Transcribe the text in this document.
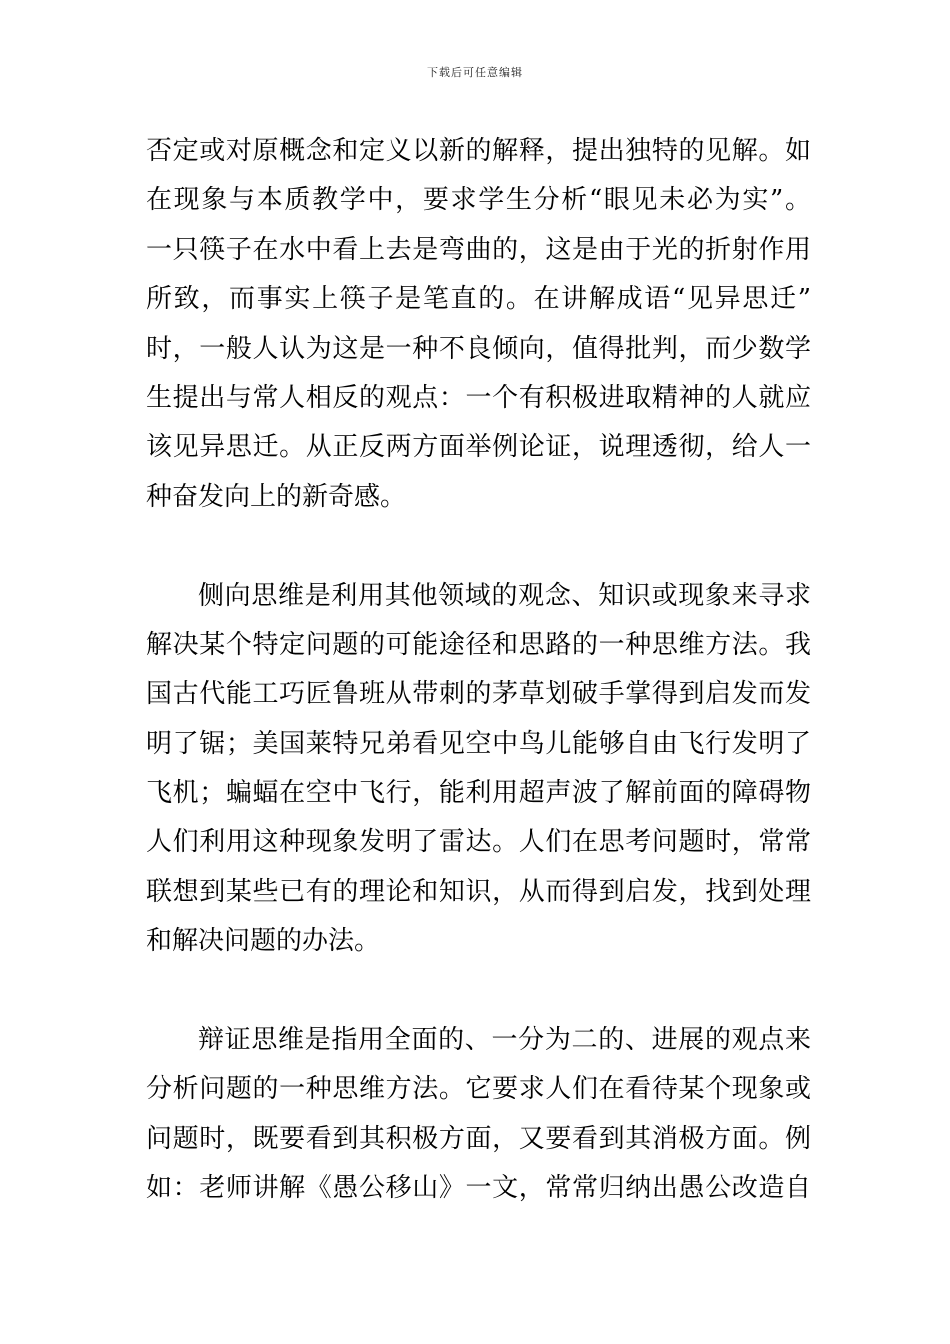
下载后可任意编辑
否定或对原概念和定义以新的解释，提出独特的见解。如
在现象与本质教学中，要求学生分析“眼见未必为实”。
一只筷子在水中看上去是弯曲的，这是由于光的折射作用
所致，而事实上筷子是笔直的。在讲解成语“见异思迁”
时，一般人认为这是一种不良倾向，值得批判，而少数学
生提出与常人相反的观点：一个有积极进取精神的人就应
该见异思迁。从正反两方面举例论证，说理透彻，给人一
种奋发向上的新奇感。
侧向思维是利用其他领域的观念、知识或现象来寻求
解决某个特定问题的可能途径和思路的一种思维方法。我
国古代能工巧匠鲁班从带刺的茅草划破手掌得到启发而发
明了锯；美国莱特兄弟看见空中鸟儿能够自由飞行发明了
飞机；蝙蝠在空中飞行，能利用超声波了解前面的障碍物
人们利用这种现象发明了雷达。人们在思考问题时，常常
联想到某些已有的理论和知识，从而得到启发，找到处理
和解决问题的办法。
辩证思维是指用全面的、一分为二的、进展的观点来
分析问题的一种思维方法。它要求人们在看待某个现象或
问题时，既要看到其积极方面，又要看到其消极方面。例
如：老师讲解《愚公移山》一文，常常归纳出愚公改造自
